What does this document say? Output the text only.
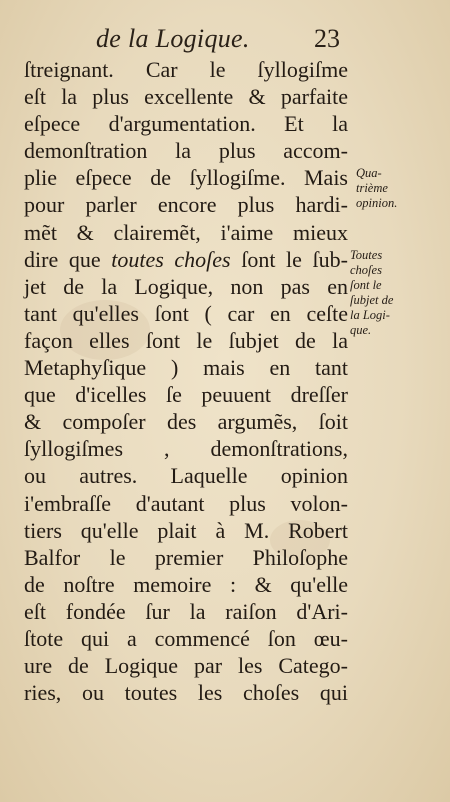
de la Logique. 23
ſtreignant. Car le ſyllogiſme
eſt la plus excellente & parfaite
eſpece d'argumentation. Et la
demonſtration la plus accom-
plie eſpece de ſyllogiſme. Mais
pour parler encore plus hardi-
mẽt & clairemẽt, i'aime mieux
dire que toutes choſes ſont le ſub-
jet de la Logique, non pas en
tant qu'elles ſont ( car en ceſte
façon elles ſont le ſubjet de la
Metaphyſique ) mais en tant
que d'icelles ſe peuuent dreſſer
& compoſer des argumẽs, ſoit
ſyllogiſmes , demonſtrations,
ou autres. Laquelle opinion
i'embraſſe d'autant plus volon-
tiers qu'elle plait à M. Robert
Balfor le premier Philoſophe
de noſtre memoire : & qu'elle
eſt fondée ſur la raiſon d'Ari-
ſtote qui a commencé ſon œu-
ure de Logique par les Catego-
ries, ou toutes les choſes qui
Qua-
trième
opinion.
Toutes
choſes
ſont le
ſubjet de
la Logi-
que.
